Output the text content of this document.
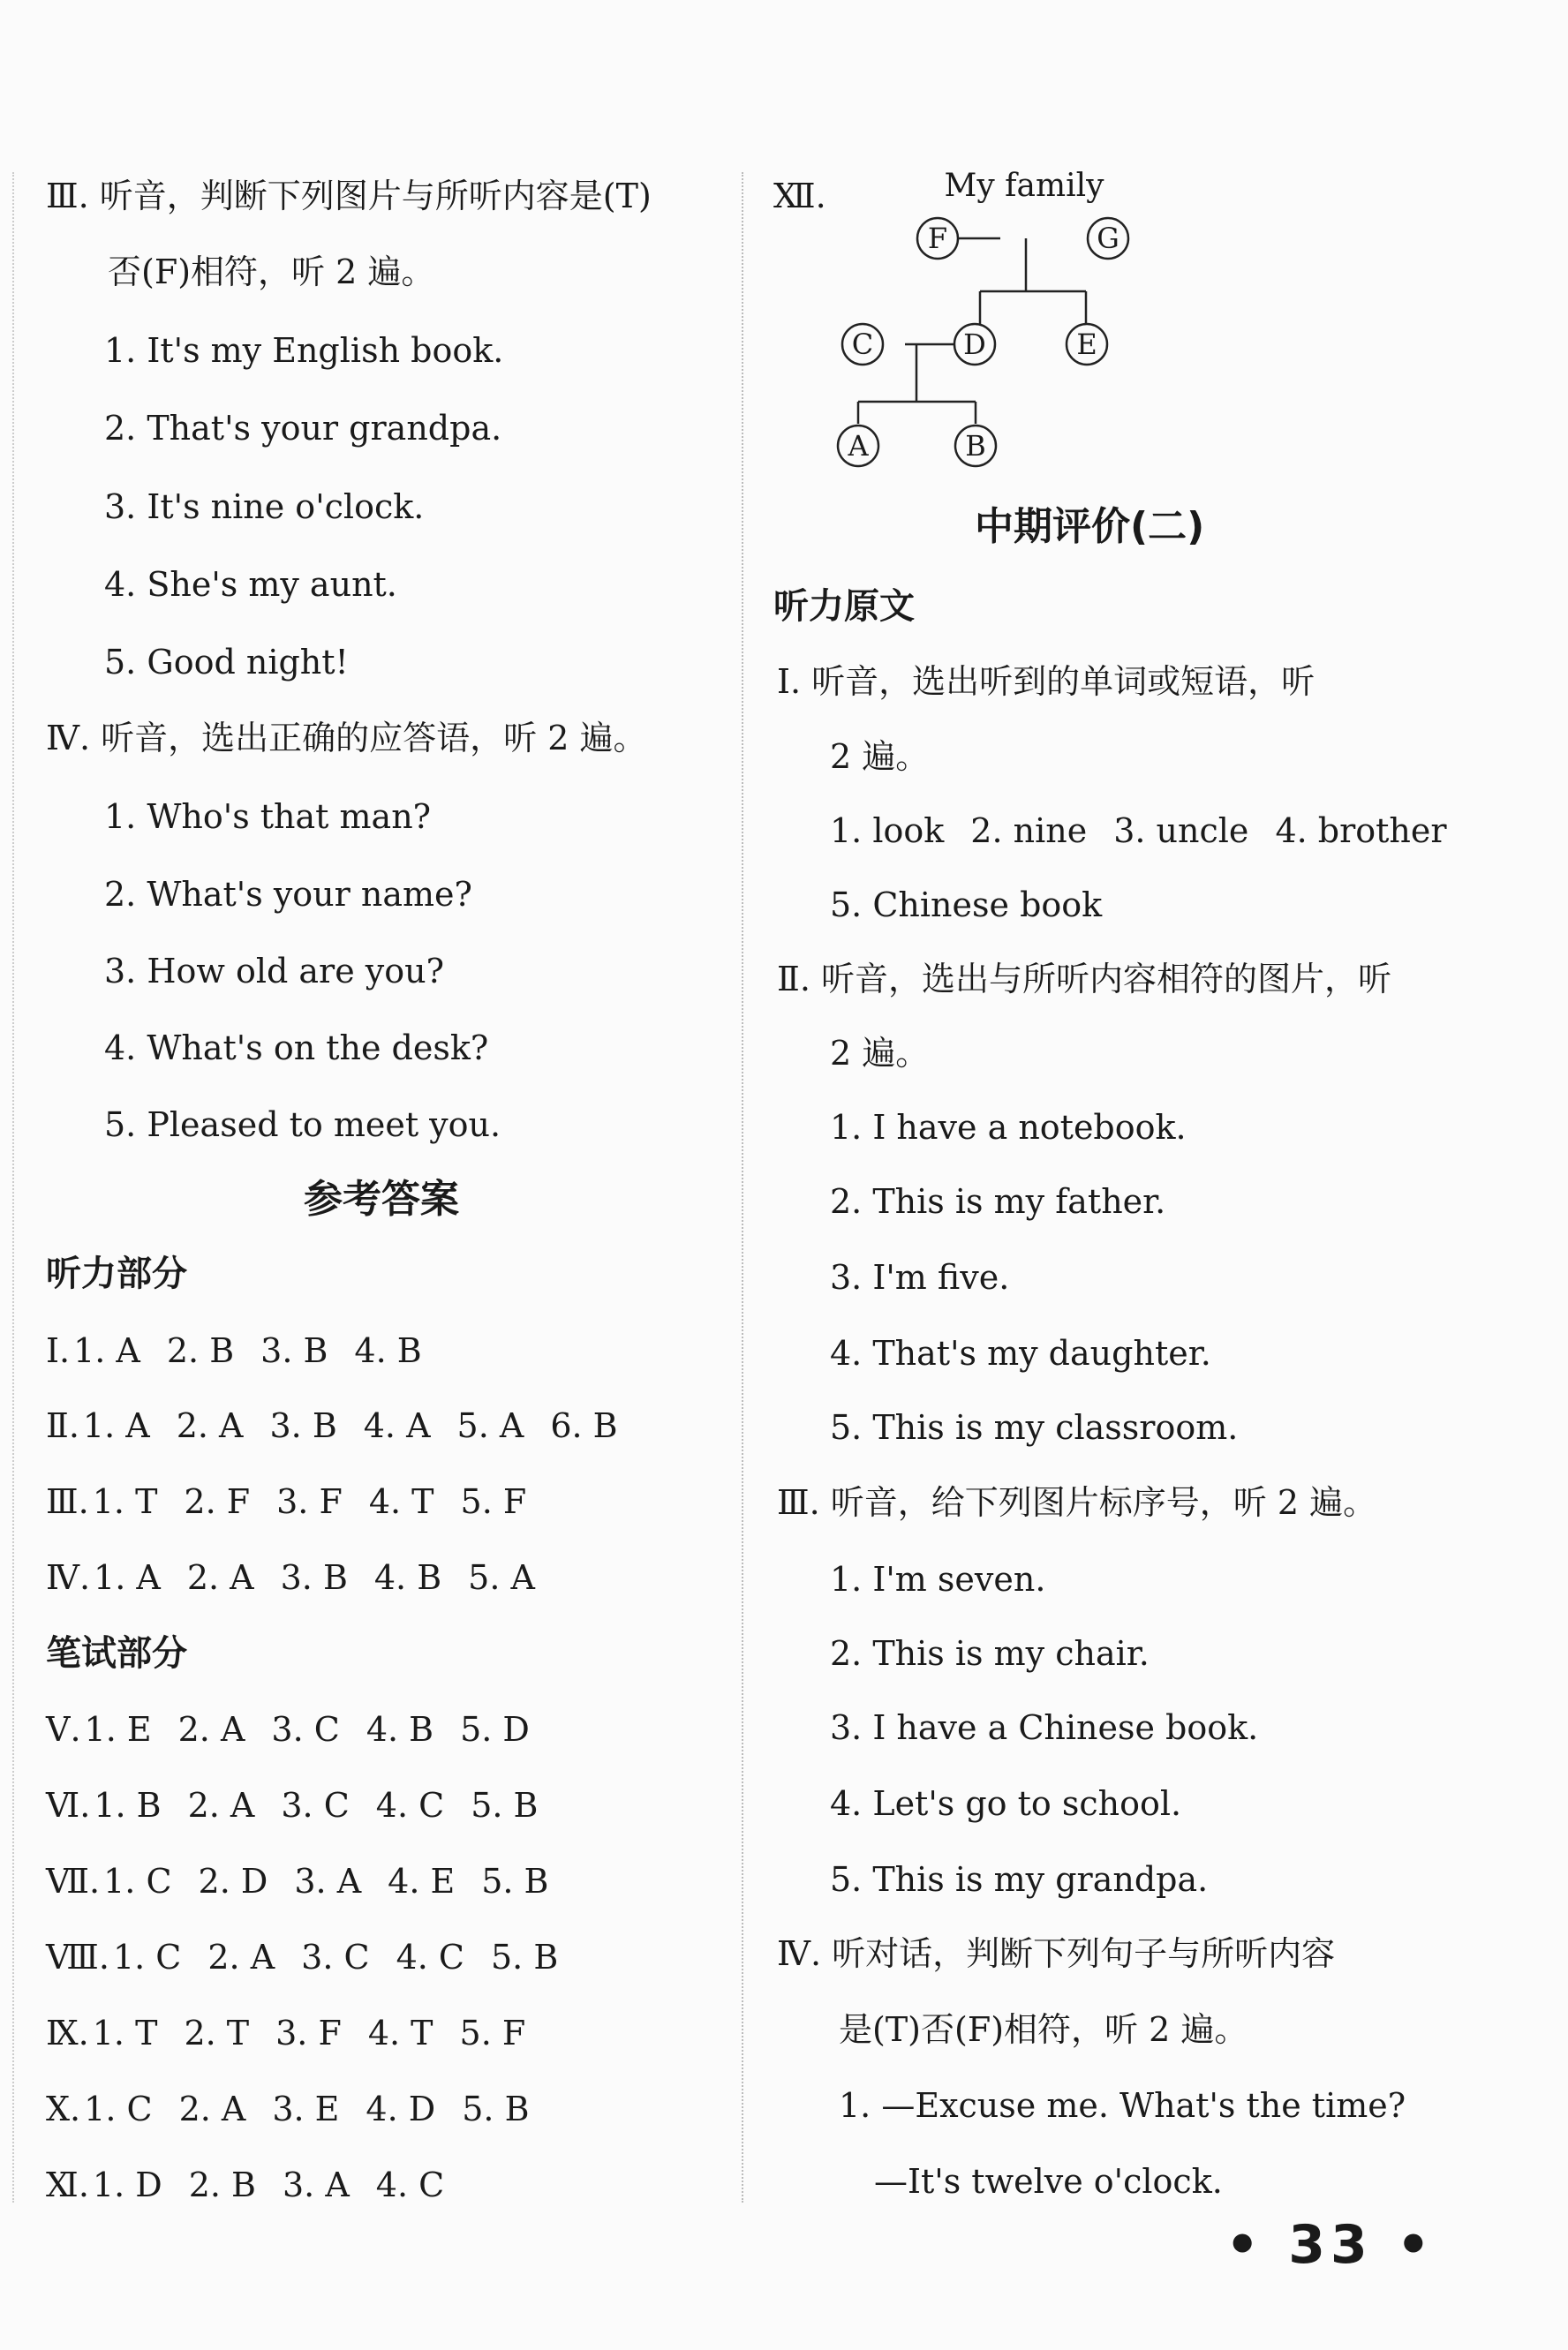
Ⅲ. 听音，判断下列图片与所听内容是(T)
否(F)相符，听 2 遍。
1. It's my English book.
2. That's your grandpa.
3. It's nine o'clock.
4. She's my aunt.
5. Good night!
Ⅳ. 听音，选出正确的应答语，听 2 遍。
1. Who's that man?
2. What's your name?
3. How old are you?
4. What's on the desk?
5. Pleased to meet you.
参考答案
听力部分
Ⅰ. 1. A 2. B 3. B 4. B
Ⅱ. 1. A 2. A 3. B 4. A 5. A 6. B
Ⅲ. 1. T 2. F 3. F 4. T 5. F
Ⅳ. 1. A 2. A 3. B 4. B 5. A
笔试部分
Ⅴ. 1. E 2. A 3. C 4. B 5. D
Ⅵ. 1. B 2. A 3. C 4. C 5. B
Ⅶ. 1. C 2. D 3. A 4. E 5. B
Ⅷ. 1. C 2. A 3. C 4. C 5. B
Ⅸ. 1. T 2. T 3. F 4. T 5. F
Ⅹ. 1. C 2. A 3. E 4. D 5. B
Ⅺ. 1. D 2. B 3. A 4. C
Ⅻ.	My family
F	G
C	D	E
A	B
中期评价(二)
听力原文
Ⅰ. 听音，选出听到的单词或短语，听
2 遍。
1. look 2. nine 3. uncle 4. brother
5. Chinese book
Ⅱ. 听音，选出与所听内容相符的图片，听
2 遍。
1. I have a notebook.
2. This is my father.
3. I'm five.
4. That's my daughter.
5. This is my classroom.
Ⅲ. 听音，给下列图片标序号，听 2 遍。
1. I'm seven.
2. This is my chair.
3. I have a Chinese book.
4. Let's go to school.
5. This is my grandpa.
Ⅳ. 听对话，判断下列句子与所听内容
是(T)否(F)相符，听 2 遍。
1. —Excuse me. What's the time?
—It's twelve o'clock.
• 33 •
